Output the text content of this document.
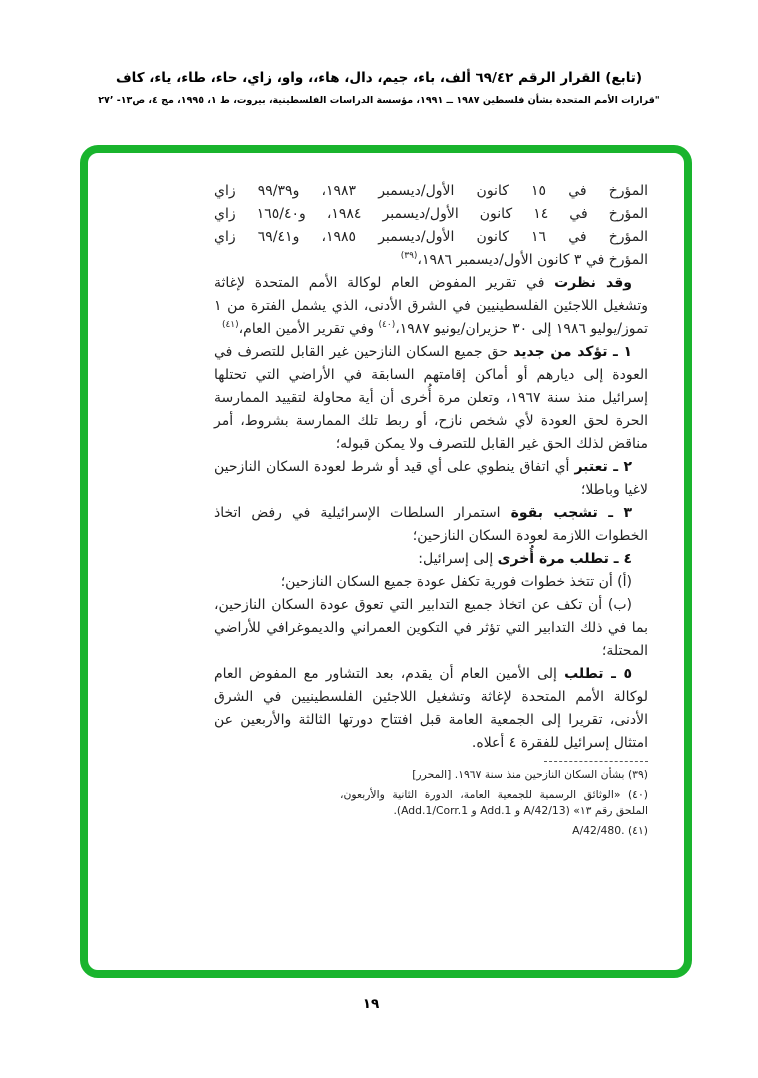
(تابع) القرار الرقم ٦٩/٤٢ ألف، باء، جيم، دال، هاء،، واو، زاي، حاء، طاء، ياء، كاف
"قرارات الأمم المتحدة بشأن فلسطين ١٩٨٧ ــ ١٩٩١، مؤسسة الدراسات الفلسطينية، بيروت، ط ١، ١٩٩٥، مج ٤، ص١٣- ٢٧ʼ

المؤرخ في ١٥ كانون الأول/ديسمبر ١٩٨٣، و٩٩/٣٩ زاي

المؤرخ في ١٤ كانون الأول/ديسمبر ١٩٨٤، و١٦٥/٤٠ زاي

المؤرخ في ١٦ كانون الأول/ديسمبر ١٩٨٥، و٦٩/٤١ زاي

المؤرخ في ٣ كانون الأول/ديسمبر ١٩٨٦،$^{(٣٩)}$

وقد نظرت في تقرير المفوض العام لوكالة الأمم المتحدة لإغاثة وتشغيل اللاجئين الفلسطينيين في الشرق الأدنى، الذي يشمل الفترة من ١ تموز/يوليو ١٩٨٦ إلى ٣٠ حزيران/يونيو ١٩٨٧،$^{(٤٠)}$ وفي تقرير الأمين العام،$^{(٤١)}$

١ ـ تؤكد من جديد حق جميع السكان النازحين غير القابل للتصرف في العودة إلى ديارهم أو أماكن إقامتهم السابقة في الأراضي التي تحتلها إسرائيل منذ سنة ١٩٦٧، وتعلن مرة أُخرى أن أية محاولة لتقييد الممارسة الحرة لحق العودة لأي شخص نازح، أو ربط تلك الممارسة بشروط، أمر مناقض لذلك الحق غير القابل للتصرف ولا يمكن قبوله؛

٢ ـ تعتبر أي اتفاق ينطوي على أي قيد أو شرط لعودة السكان النازحين لاغيا وباطلا؛

٣ ـ تشجب بقوة استمرار السلطات الإسرائيلية في رفض اتخاذ الخطوات اللازمة لعودة السكان النازحين؛

٤ ـ تطلب مرة أُخرى إلى إسرائيل:

(أ) أن تتخذ خطوات فورية تكفل عودة جميع السكان النازحين؛

(ب) أن تكف عن اتخاذ جميع التدابير التي تعوق عودة السكان النازحين، بما في ذلك التدابير التي تؤثر في التكوين العمراني والديموغرافي للأراضي المحتلة؛

٥ ـ تطلب إلى الأمين العام أن يقدم، بعد التشاور مع المفوض العام لوكالة الأمم المتحدة لإغاثة وتشغيل اللاجئين الفلسطينيين في الشرق الأدنى، تقريرا إلى الجمعية العامة قبل افتتاح دورتها الثالثة والأربعين عن امتثال إسرائيل للفقرة ٤ أعلاه.

(٣٩) بشأن السكان النازحين منذ سنة ١٩٦٧. [المحرر]
(٤٠) «الوثائق الرسمية للجمعية العامة، الدورة الثانية والأربعون، الملحق رقم ١٣» (A/42/13 و Add.1 و Add.1/Corr.1).
(٤١) A/42/480.‎
١٩
